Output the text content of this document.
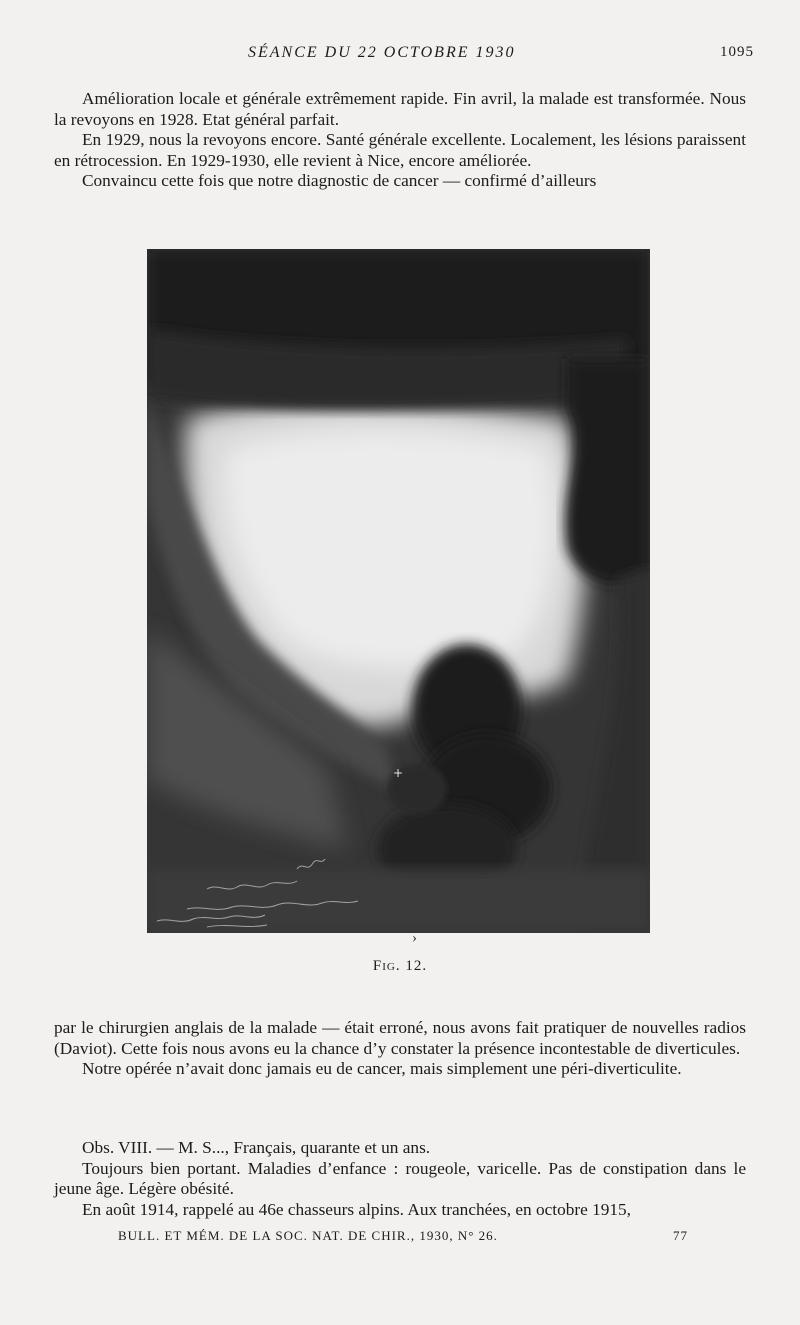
SÉANCE DU 22 OCTOBRE 1930	1095

Amélioration locale et générale extrêmement rapide. Fin avril, la malade est transformée. Nous la revoyons en 1928. Etat général parfait.

En 1929, nous la revoyons encore. Santé générale excellente. Localement, les lésions paraissent en rétrocession. En 1929-1930, elle revient à Nice, encore améliorée.

Convaincu cette fois que notre diagnostic de cancer — confirmé d’ailleurs

+
›
Fig. 12.

par le chirurgien anglais de la malade — était erroné, nous avons fait pratiquer de nouvelles radios (Daviot). Cette fois nous avons eu la chance d’y constater la présence incontestable de diverticules.

Notre opérée n’avait donc jamais eu de cancer, mais simplement une péri-diverticulite.

Obs. VIII. — M. S..., Français, quarante et un ans.

Toujours bien portant. Maladies d’enfance : rougeole, varicelle. Pas de constipation dans le jeune âge. Légère obésité.

En août 1914, rappelé au 46e chasseurs alpins. Aux tranchées, en octobre 1915,

BULL. ET MÉM. DE LA SOC. NAT. DE CHIR., 1930, N° 26.	77
